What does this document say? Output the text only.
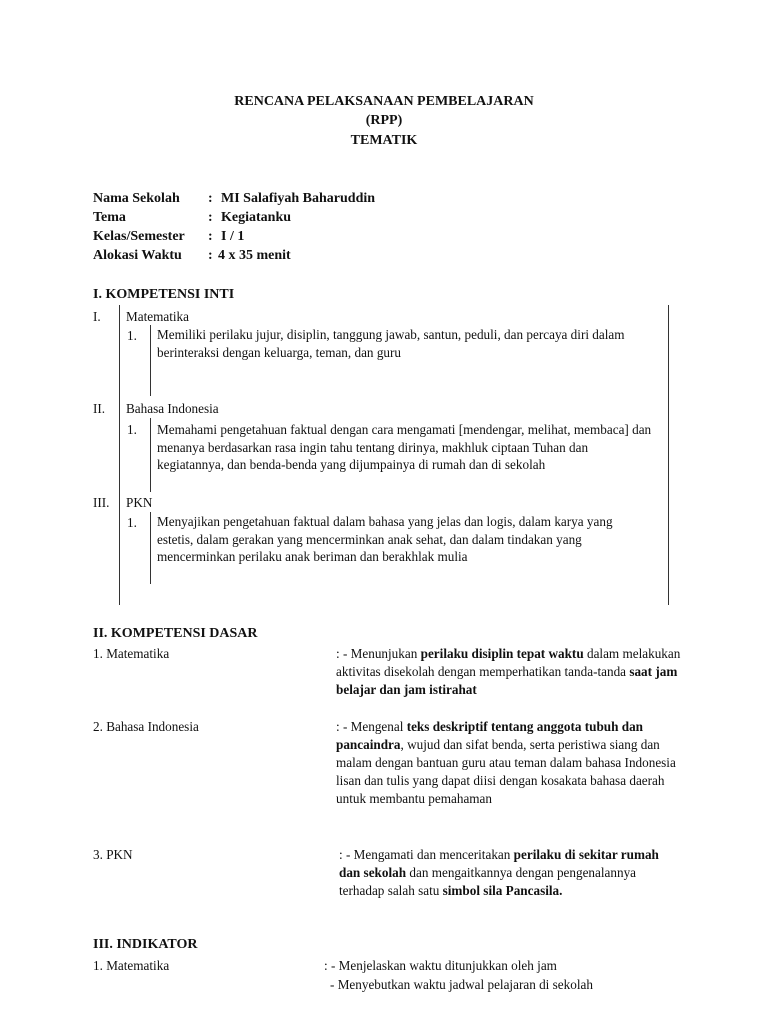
RENCANA PELAKSANAAN PEMBELAJARAN
(RPP)
TEMATIK
Nama Sekolah : MI Salafiyah Baharuddin
Tema	: Kegiatanku
Kelas/Semester : I / 1
Alokasi Waktu : 4 x 35 menit
I. KOMPETENSI INTI
I. Matematika
1. Memiliki perilaku jujur, disiplin, tanggung jawab, santun, peduli, dan percaya diri dalam berinteraksi dengan keluarga, teman, dan guru
II. Bahasa Indonesia
1. Memahami pengetahuan faktual dengan cara mengamati [mendengar, melihat, membaca] dan menanya berdasarkan rasa ingin tahu tentang dirinya, makhluk ciptaan Tuhan dan kegiatannya, dan benda-benda yang dijumpainya di rumah dan di sekolah
III. PKN
1. Menyajikan pengetahuan faktual dalam bahasa yang jelas dan logis, dalam karya yang estetis, dalam gerakan yang mencerminkan anak sehat, dan dalam tindakan yang mencerminkan perilaku anak beriman dan berakhlak mulia
II. KOMPETENSI DASAR
1. Matematika	: - Menunjukan perilaku disiplin tepat waktu dalam melakukan aktivitas disekolah dengan memperhatikan tanda-tanda saat jam belajar dan jam istirahat
2. Bahasa Indonesia	: - Mengenal teks deskriptif tentang anggota tubuh dan pancaindra, wujud dan sifat benda, serta peristiwa siang dan malam dengan bantuan guru atau teman dalam bahasa Indonesia lisan dan tulis yang dapat diisi dengan kosakata bahasa daerah untuk membantu pemahaman
3. PKN	: - Mengamati dan menceritakan perilaku di sekitar rumah dan sekolah dan mengaitkannya dengan pengenalannya terhadap salah satu simbol sila Pancasila.
III. INDIKATOR
1. Matematika	: - Menjelaskan waktu ditunjukkan oleh jam
- Menyebutkan waktu jadwal pelajaran di sekolah
